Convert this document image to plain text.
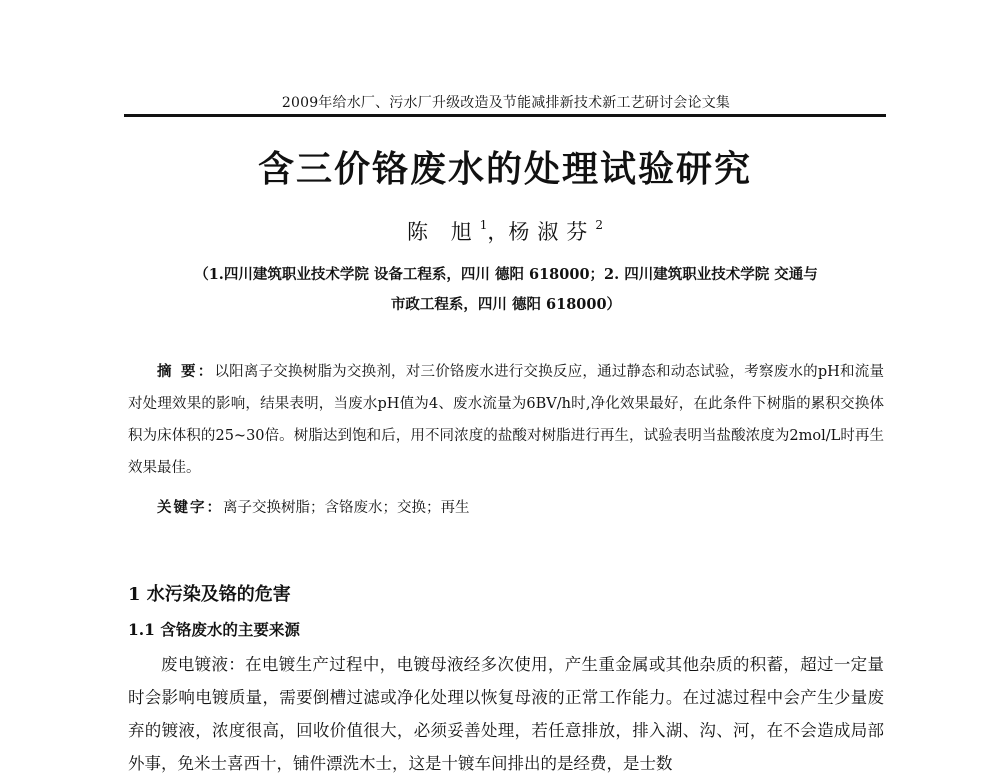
2009年给水厂、污水厂升级改造及节能减排新技术新工艺研讨会论文集
含三价铬废水的处理试验研究
陈 旭$^1$，杨淑芬$^2$
（1.四川建筑职业技术学院 设备工程系，四川 德阳 618000；2. 四川建筑职业技术学院 交通与
市政工程系，四川 德阳 618000）
摘 要：以阳离子交换树脂为交换剂，对三价铬废水进行交换反应，通过静态和动态试验，考察废水的pH和流量对处理效果的影响，结果表明，当废水pH值为4、废水流量为6BV/h时,净化效果最好，在此条件下树脂的累积交换体积为床体积的25~30倍。树脂达到饱和后，用不同浓度的盐酸对树脂进行再生，试验表明当盐酸浓度为2mol/L时再生效果最佳。
关键字：离子交换树脂；含铬废水；交换；再生
1 水污染及铬的危害
1.1 含铬废水的主要来源
废电镀液：在电镀生产过程中，电镀母液经多次使用，产生重金属或其他杂质的积蓄，超过一定量时会影响电镀质量，需要倒槽过滤或净化处理以恢复母液的正常工作能力。在过滤过程中会产生少量废弃的镀液，浓度很高，回收价值很大，必须妥善处理，若任意排放，排入湖、沟、河，在不会造成局部外事，免米士喜西十，铺件漂洗木士，这是十镀车间排出的是经费，是士数
